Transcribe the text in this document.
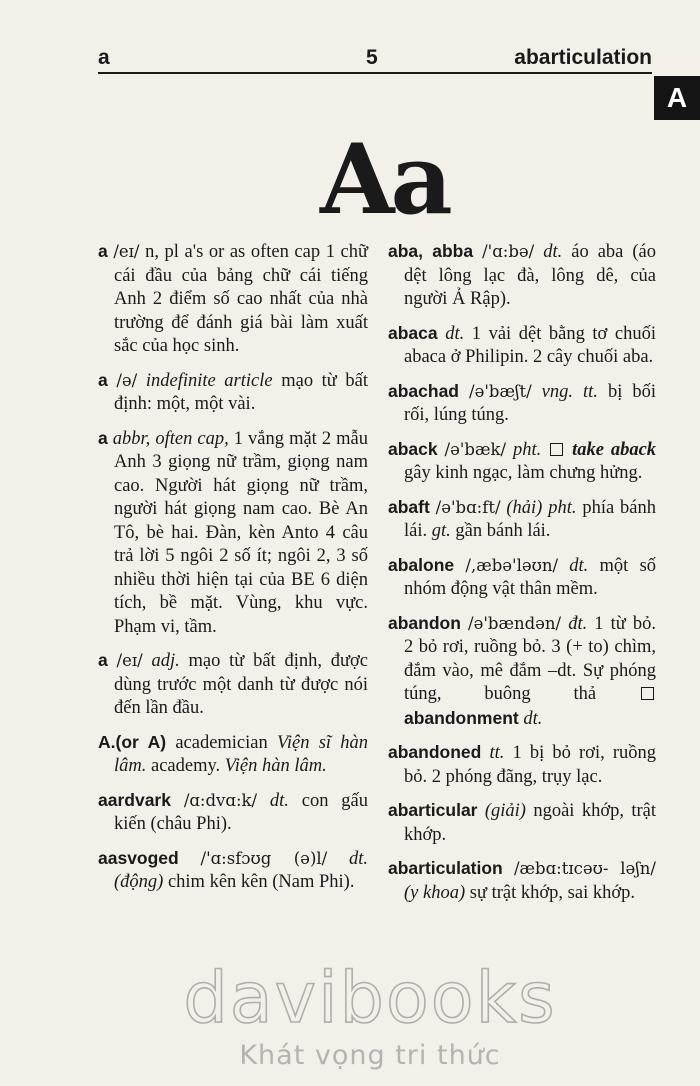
a	5	abarticulation
A
Aa
a /eɪ/ n, pl a's or as often cap 1 chữ cái đầu của bảng chữ cái tiếng Anh 2 điểm số cao nhất của nhà trường để đánh giá bài làm xuất sắc của học sinh.
a /ə/ indefinite article mạo từ bất định: một, một vài.
a abbr, often cap, 1 vắng mặt 2 mẫu Anh 3 giọng nữ trầm, giọng nam cao. Người hát giọng nữ trầm, người hát giọng nam cao. Bè An Tô, bè hai. Đàn, kèn Anto 4 câu trả lời 5 ngôi 2 số ít; ngôi 2, 3 số nhiều thời hiện tại của BE 6 diện tích, bề mặt. Vùng, khu vực. Phạm vi, tầm.
a /eɪ/ adj. mạo từ bất định, được dùng trước một danh từ được nói đến lần đầu.
A.(or A) academician Viện sĩ hàn lâm. academy. Viện hàn lâm.
aardvark /ɑ:dvɑ:k/ dt. con gấu kiến (châu Phi).
aasvoged /'ɑ:sfɔʊg (ə)l/ dt. (động) chim kên kên (Nam Phi).
aba, abba /'ɑ:bə/ dt. áo aba (áo dệt lông lạc đà, lông dê, của người Ả Rập).
abaca dt. 1 vải dệt bằng tơ chuối abaca ở Philipin. 2 cây chuối aba.
abachad /ə'bæʃt/ vng. tt. bị bối rối, lúng túng.
aback /ə'bæk/ pht. take aback gây kinh ngạc, làm chưng hửng.
abaft /ə'bɑ:ft/ (hải) pht. phía bánh lái. gt. gần bánh lái.
abalone /,æbə'ləʊn/ dt. một số nhóm động vật thân mềm.
abandon /ə'bændən/ đt. 1 từ bỏ. 2 bỏ rơi, ruồng bỏ. 3 (+ to) chìm, đắm vào, mê đắm –dt. Sự phóng túng, buông thả  abandonment dt.
abandoned tt. 1 bị bỏ rơi, ruồng bỏ. 2 phóng đãng, trụy lạc.
abarticular (giải) ngoài khớp, trật khớp.
abarticulation /æbɑ:tɪcəʊ- ləʃn/ (y khoa) sự trật khớp, sai khớp.
davibooks
Khát vọng tri thức
